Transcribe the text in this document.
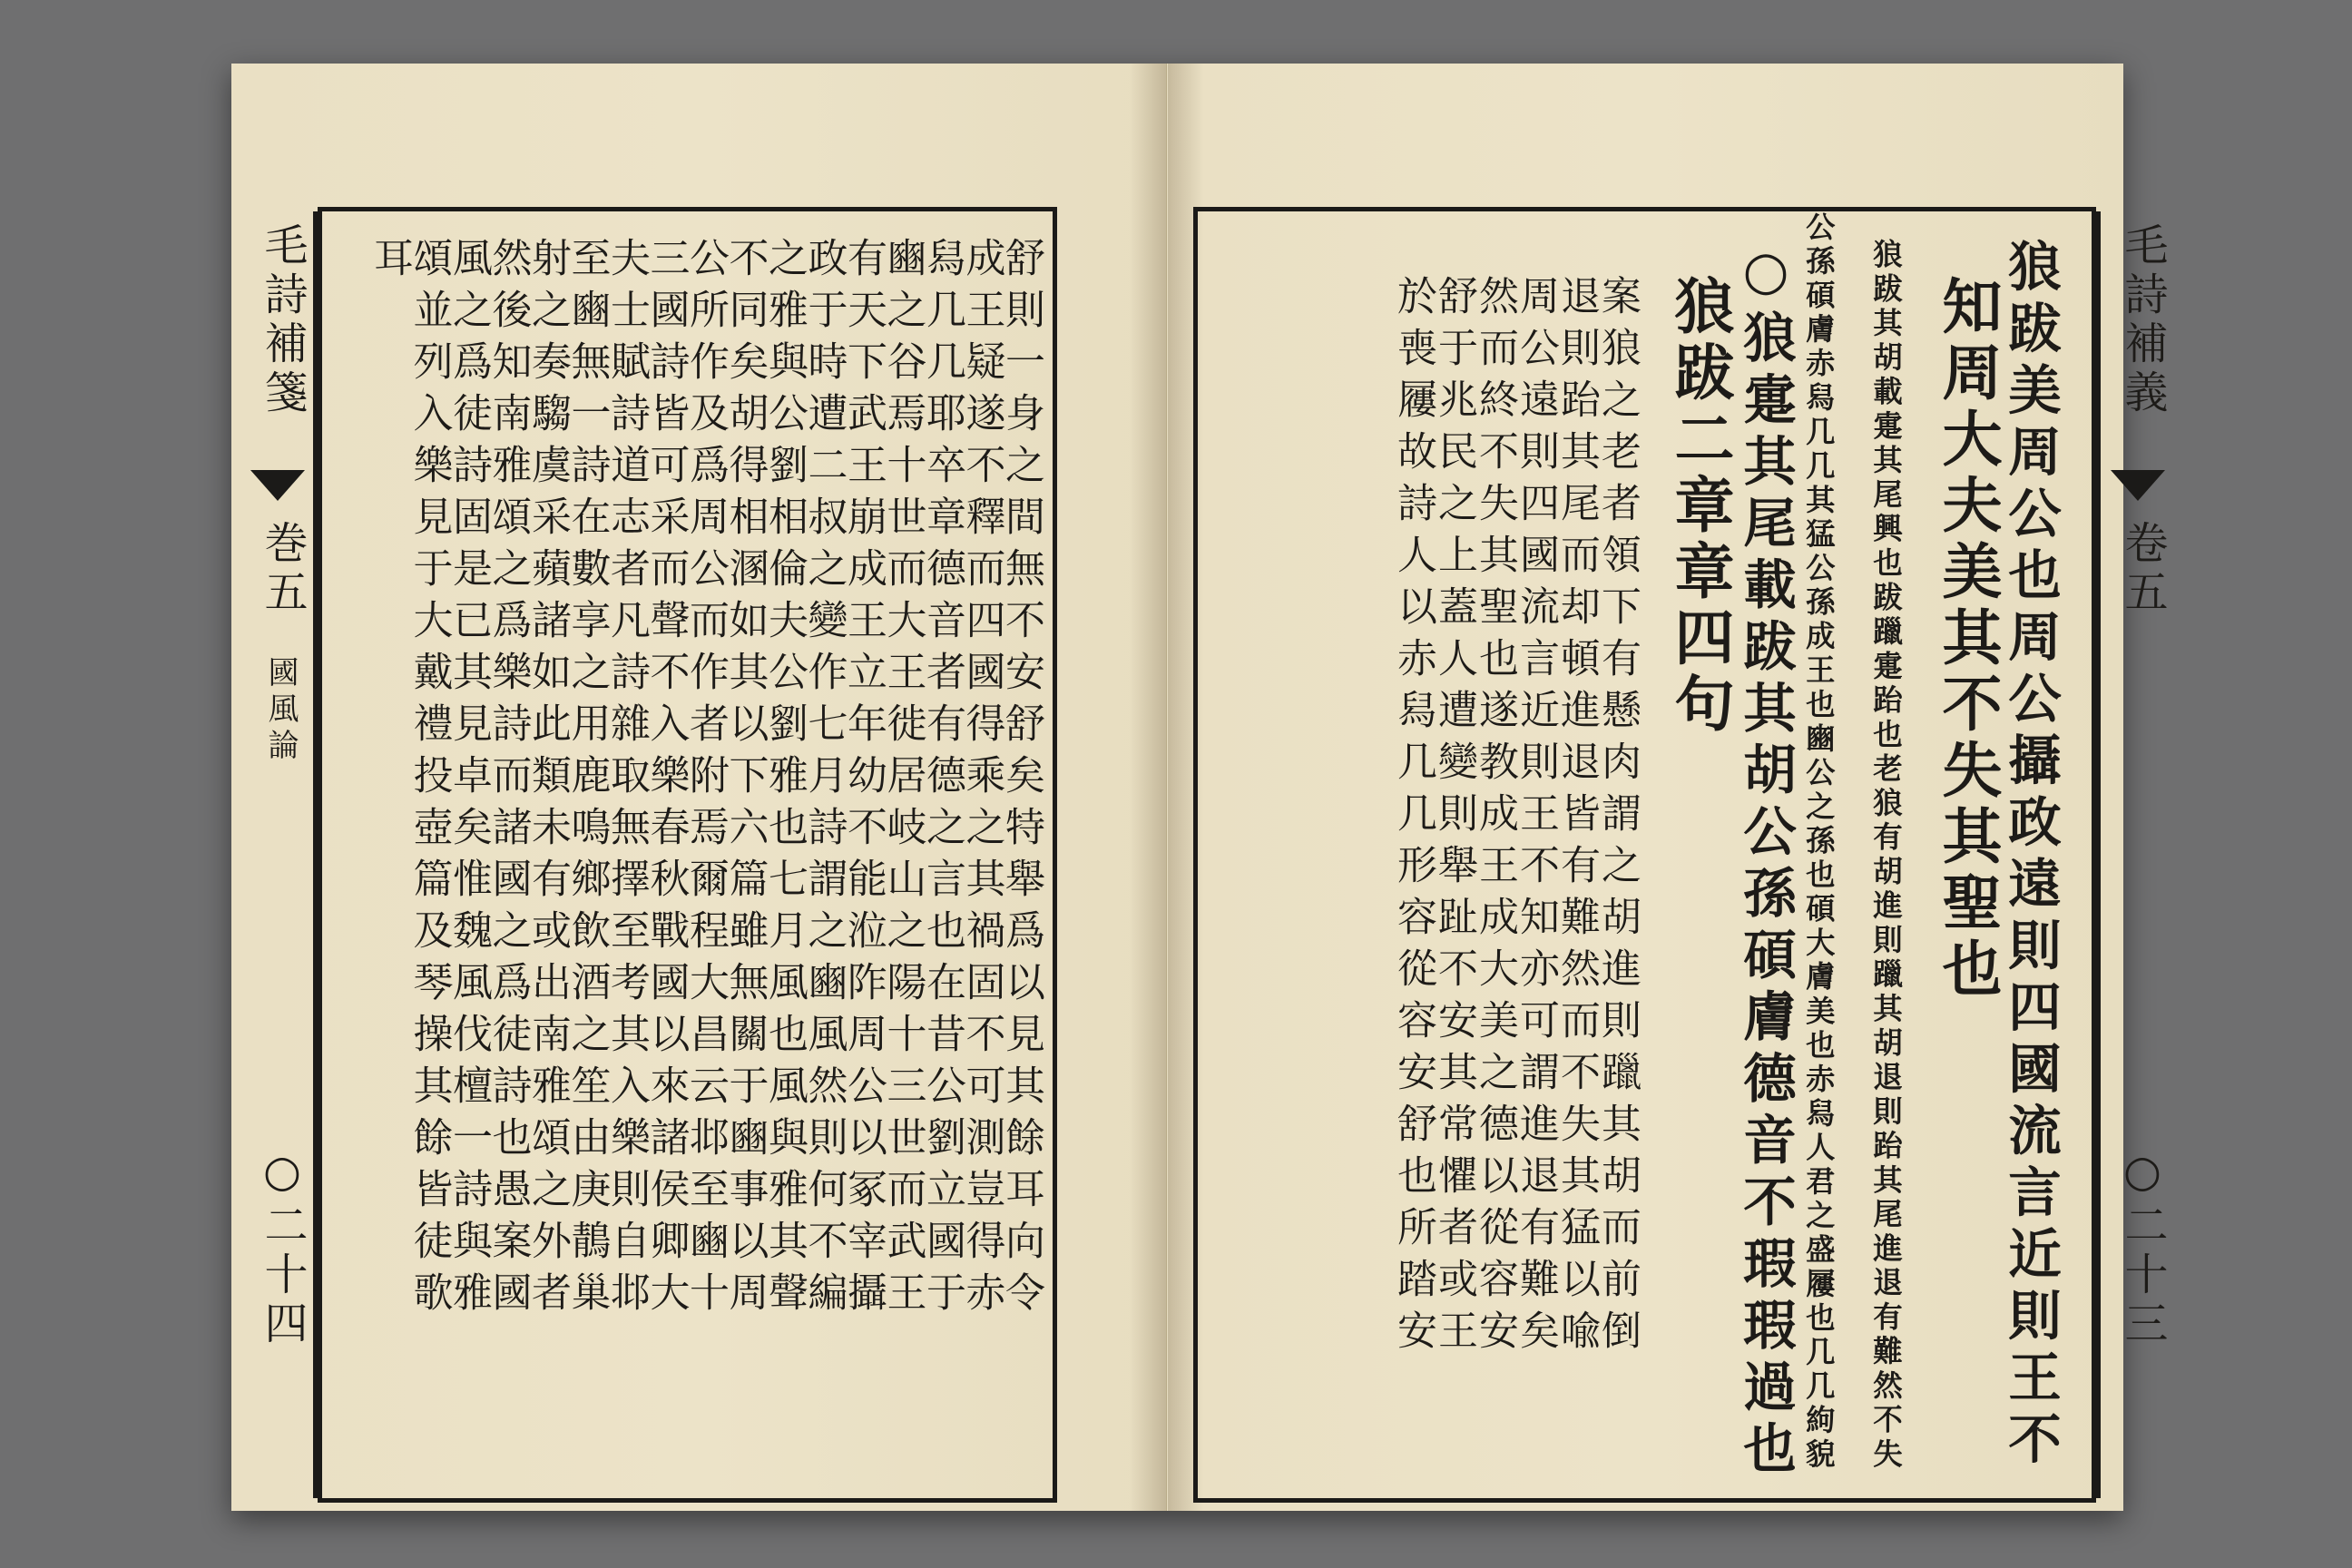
毛詩補箋
巻五
國風論
○二十四	舒則一身之間無不安舒矣特舉爲以見其餘耳向令
成王疑遂不釋而四國得乘之其禍固不可測豈得赤
舄几几耶卒章德音者有德之言也在昔公劉立國于
豳之谷焉十世而大王徙居岐山之陽十三世而武王
有天下武王崩成王立年幼不能涖阼周公以冢宰攝
政于時遭二叔之變作七月詩謂之豳風然則何不編
之雅與公劉相倫夫公劉雅也七月風也風與雅其聲
不同矣胡得相溷如其以下六篇雖無關于豳事以周
公所作及爲周公而作者附焉爾程大昌云邶至豳十
三國詩皆可采而聲不入樂春秋戰國以來諸侯卿大
夫士賦詩道志者凡詩雜取無擇至考其入樂則自邶
至豳無一詩在數享之用鹿鳴鄉飲酒之笙由庚鶄巢
射之奏騶虞采蘋諸如此類未有或出南雅頌之外者
然後知南雅頌之爲樂詩而諸國之爲徒詩也愚案國
風之爲徒詩固是已其見卓矣惟魏風伐檀一詩與雅
頌並列入樂見于大戴禮投壺篇及琴操其餘皆徒歌
耳	狼跋美周公也周公攝政遠則四國流言近則王不
知周大夫美其不失其聖也
狼跋其胡載疐其尾興也跋躐疐跆也老狼有胡進則躐其胡退則跆其尾進退有難然不失
公孫碩膚赤舄几几其猛公孫成王也豳公之孫也碩大膚美也赤舄人君之盛屨也几几絇貌
○狼疐其尾載跋其胡公孫碩膚德音不瑕瑕過也
狼跋二章章四句
案狼之老者領下有懸肉謂之胡進則躐其胡而前倒
退則跆其尾而却頓進退皆有難然而不失其猛以喩
周公遠則四國流言近則王不知亦可謂進退有難矣
然而終不失其聖也遂教成王成大美之德以從容安
舒于兆民之上蓋人遭變則舉趾不安其常懼者或王
於喪屨故詩人以赤舄几几形容從容安舒也所踏安	毛詩補義
卷五
○二十三
